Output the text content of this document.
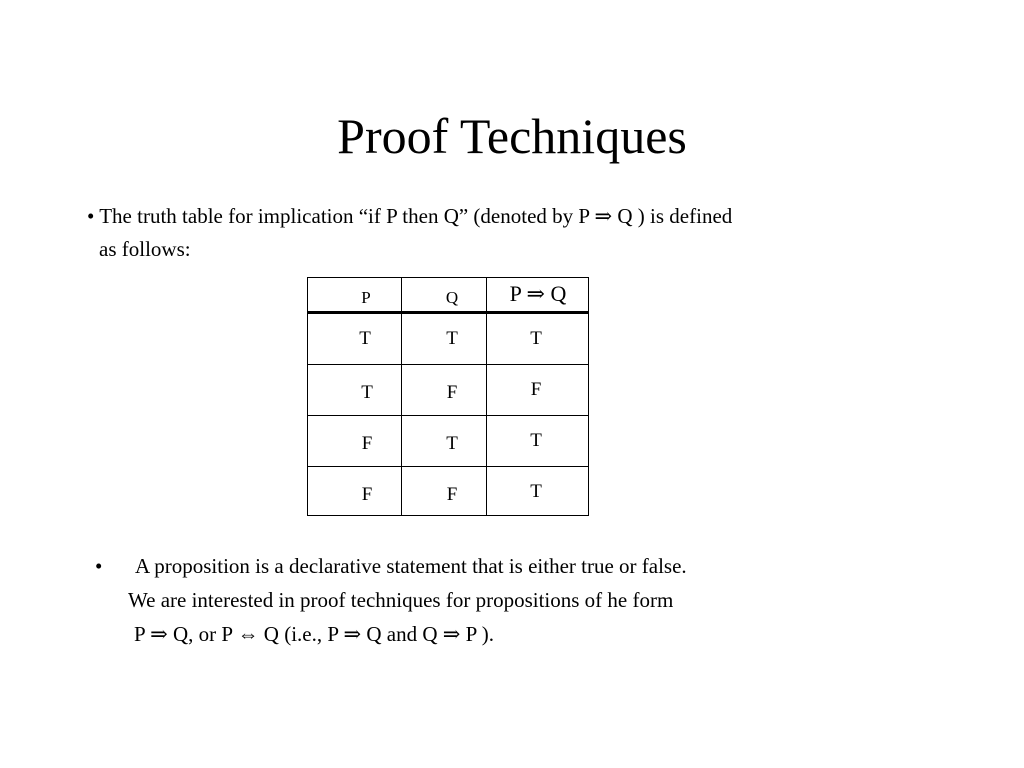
Proof Techniques
• The truth table for implication “if P then Q” (denoted by P ⇒ Q ) is defined
as follows:
P	Q	P ⇒ Q
T	T	T
T	F	F
F	T	T
F	F	T
• A proposition is a declarative statement that is either true or false.
We are interested in proof techniques for propositions of he form
P ⇒ Q, or P ⇔ Q (i.e., P ⇒ Q and Q ⇒ P ).
